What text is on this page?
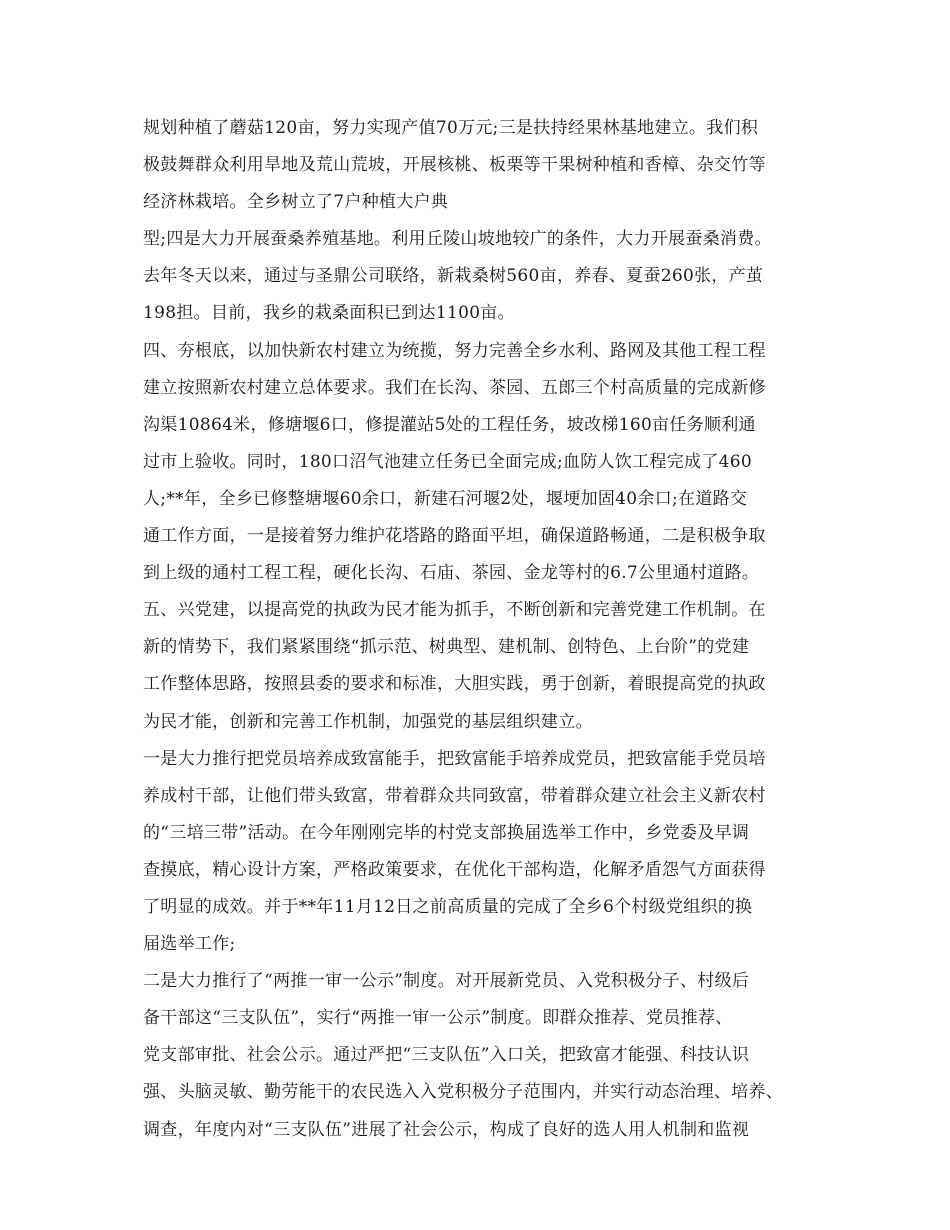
规划种植了蘑菇120亩，努力实现产值70万元;三是扶持经果林基地建立。我们积
极鼓舞群众利用旱地及荒山荒坡，开展核桃、板栗等干果树种植和香樟、杂交竹等
经济林栽培。全乡树立了7户种植大户典
型;四是大力开展蚕桑养殖基地。利用丘陵山坡地较广的条件，大力开展蚕桑消费。
去年冬天以来，通过与圣鼎公司联络，新栽桑树560亩，养春、夏蚕260张，产茧
198担。目前，我乡的栽桑面积已到达1100亩。
四、夯根底，以加快新农村建立为统揽，努力完善全乡水利、路网及其他工程工程
建立按照新农村建立总体要求。我们在长沟、茶园、五郎三个村高质量的完成新修
沟渠10864米，修塘堰6口，修提灌站5处的工程任务，坡改梯160亩任务顺利通
过市上验收。同时，180口沼气池建立任务已全面完成;血防人饮工程完成了460
人;**年，全乡已修整塘堰60余口，新建石河堰2处，堰埂加固40余口;在道路交
通工作方面，一是接着努力维护花塔路的路面平坦，确保道路畅通，二是积极争取
到上级的通村工程工程，硬化长沟、石庙、茶园、金龙等村的6.7公里通村道路。
五、兴党建，以提高党的执政为民才能为抓手，不断创新和完善党建工作机制。在
新的情势下，我们紧紧围绕“抓示范、树典型、建机制、创特色、上台阶”的党建
工作整体思路，按照县委的要求和标准，大胆实践，勇于创新，着眼提高党的执政
为民才能，创新和完善工作机制，加强党的基层组织建立。
一是大力推行把党员培养成致富能手，把致富能手培养成党员，把致富能手党员培
养成村干部，让他们带头致富，带着群众共同致富，带着群众建立社会主义新农村
的“三培三带”活动。在今年刚刚完毕的村党支部换届选举工作中，乡党委及早调
查摸底，精心设计方案，严格政策要求，在优化干部构造，化解矛盾怨气方面获得
了明显的成效。并于**年11月12日之前高质量的完成了全乡6个村级党组织的换
届选举工作;
二是大力推行了“两推一审一公示”制度。对开展新党员、入党积极分子、村级后
备干部这“三支队伍”，实行“两推一审一公示”制度。即群众推荐、党员推荐、
党支部审批、社会公示。通过严把“三支队伍”入口关，把致富才能强、科技认识
强、头脑灵敏、勤劳能干的农民选入入党积极分子范围内，并实行动态治理、培养、
调查，年度内对“三支队伍”进展了社会公示，构成了良好的选人用人机制和监视
